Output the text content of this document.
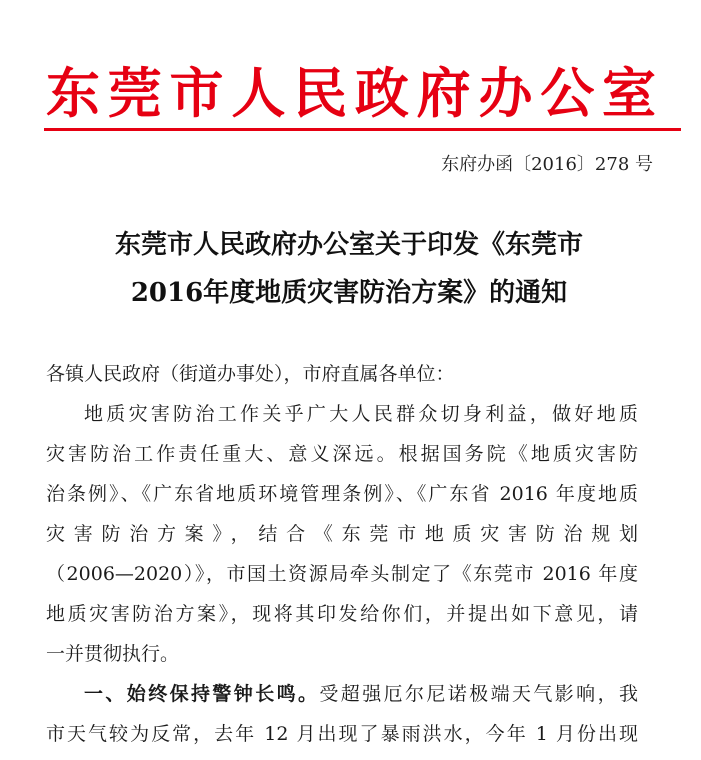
东莞市人民政府办公室
东府办函〔2016〕278 号
东莞市人民政府办公室关于印发《东莞市
2016年度地质灾害防治方案》的通知
各镇人民政府（街道办事处），市府直属各单位：
地质灾害防治工作关乎广大人民群众切身利益，做好地质
灾害防治工作责任重大、意义深远。根据国务院《地质灾害防
治条例》、《广东省地质环境管理条例》、《广东省 2016 年度地质
灾害防治方案》，结合《东莞市地质灾害防治规划
（2006—2020）》，市国土资源局牵头制定了《东莞市 2016 年度
地质灾害防治方案》，现将其印发给你们，并提出如下意见，请
一并贯彻执行。
一、始终保持警钟长鸣。受超强厄尔尼诺极端天气影响，我
市天气较为反常，去年 12 月出现了暴雨洪水，今年 1 月份出现
